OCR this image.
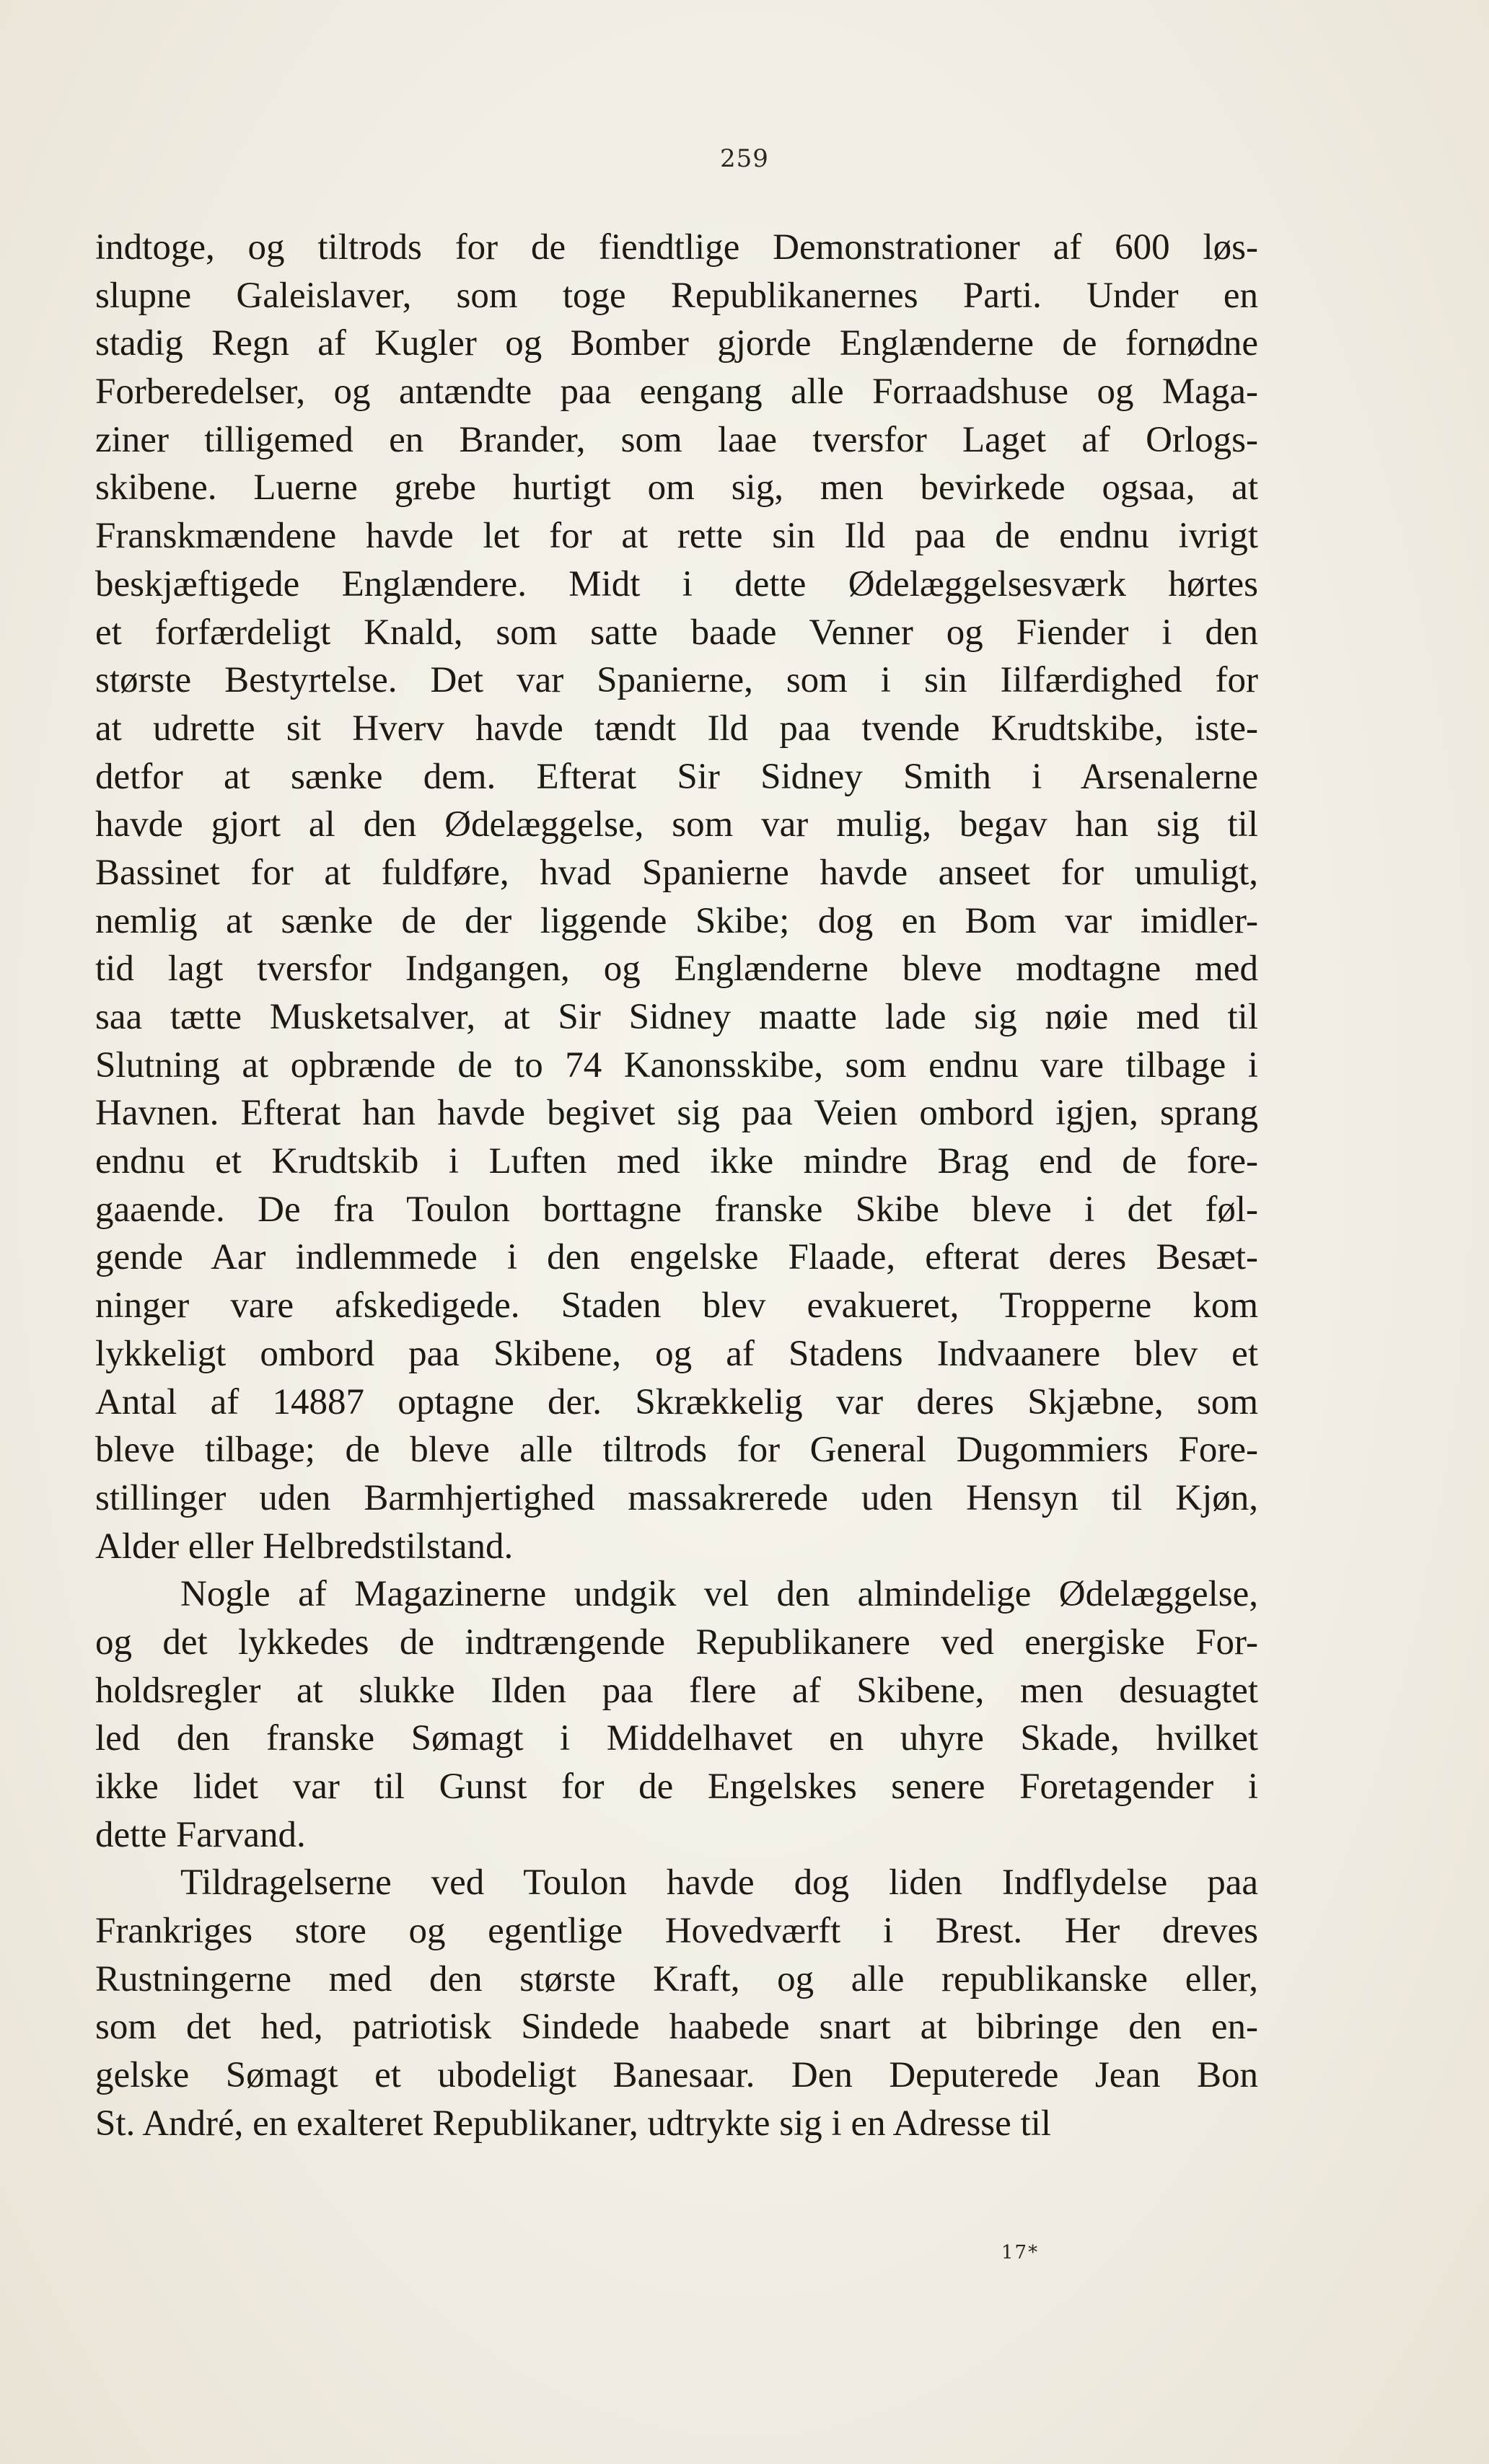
259
indtoge, og tiltrods for de fiendtlige Demonstrationer af 600 løs-
slupne Galeislaver, som toge Republikanernes Parti. Under en
stadig Regn af Kugler og Bomber gjorde Englænderne de fornødne
Forberedelser, og antændte paa eengang alle Forraadshuse og Maga-
ziner tilligemed en Brander, som laae tversfor Laget af Orlogs-
skibene. Luerne grebe hurtigt om sig, men bevirkede ogsaa, at
Franskmændene havde let for at rette sin Ild paa de endnu ivrigt
beskjæftigede Englændere. Midt i dette Ødelæggelsesværk hørtes
et forfærdeligt Knald, som satte baade Venner og Fiender i den
største Bestyrtelse. Det var Spanierne, som i sin Iilfærdighed for
at udrette sit Hverv havde tændt Ild paa tvende Krudtskibe, iste-
detfor at sænke dem. Efterat Sir Sidney Smith i Arsenalerne
havde gjort al den Ødelæggelse, som var mulig, begav han sig til
Bassinet for at fuldføre, hvad Spanierne havde anseet for umuligt,
nemlig at sænke de der liggende Skibe; dog en Bom var imidler-
tid lagt tversfor Indgangen, og Englænderne bleve modtagne med
saa tætte Musketsalver, at Sir Sidney maatte lade sig nøie med til
Slutning at opbrænde de to 74 Kanonsskibe, som endnu vare tilbage i
Havnen. Efterat han havde begivet sig paa Veien ombord igjen, sprang
endnu et Krudtskib i Luften med ikke mindre Brag end de fore-
gaaende. De fra Toulon borttagne franske Skibe bleve i det føl-
gende Aar indlemmede i den engelske Flaade, efterat deres Besæt-
ninger vare afskedigede. Staden blev evakueret, Tropperne kom
lykkeligt ombord paa Skibene, og af Stadens Indvaanere blev et
Antal af 14887 optagne der. Skrækkelig var deres Skjæbne, som
bleve tilbage; de bleve alle tiltrods for General Dugommiers Fore-
stillinger uden Barmhjertighed massakrerede uden Hensyn til Kjøn,
Alder eller Helbredstilstand.
Nogle af Magazinerne undgik vel den almindelige Ødelæggelse,
og det lykkedes de indtrængende Republikanere ved energiske For-
holdsregler at slukke Ilden paa flere af Skibene, men desuagtet
led den franske Sømagt i Middelhavet en uhyre Skade, hvilket
ikke lidet var til Gunst for de Engelskes senere Foretagender i
dette Farvand.
Tildragelserne ved Toulon havde dog liden Indflydelse paa
Frankriges store og egentlige Hovedværft i Brest. Her dreves
Rustningerne med den største Kraft, og alle republikanske eller,
som det hed, patriotisk Sindede haabede snart at bibringe den en-
gelske Sømagt et ubodeligt Banesaar. Den Deputerede Jean Bon
St. André, en exalteret Republikaner, udtrykte sig i en Adresse til
17*
